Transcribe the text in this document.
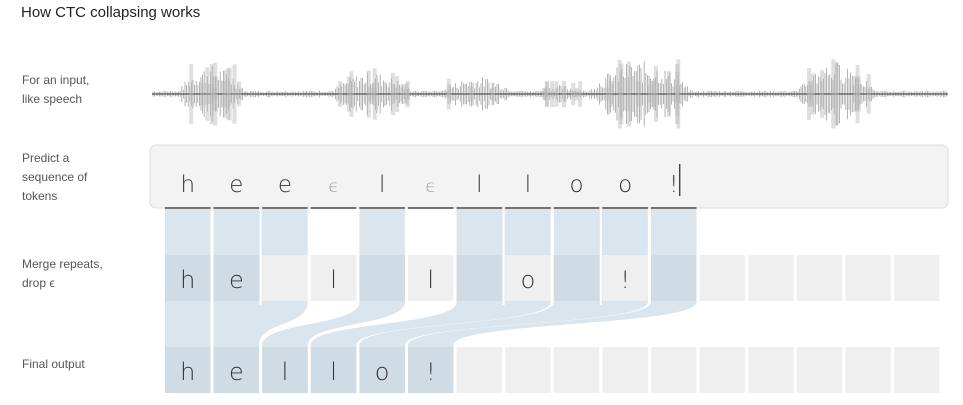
How CTC collapsing works
For an input,
like speech
Predict a
sequence of
tokens
Merge repeats,
drop ϵ
Final output
h e e ϵ l ϵ l l o o !
h e	l	l	o	!
h e l l o !
